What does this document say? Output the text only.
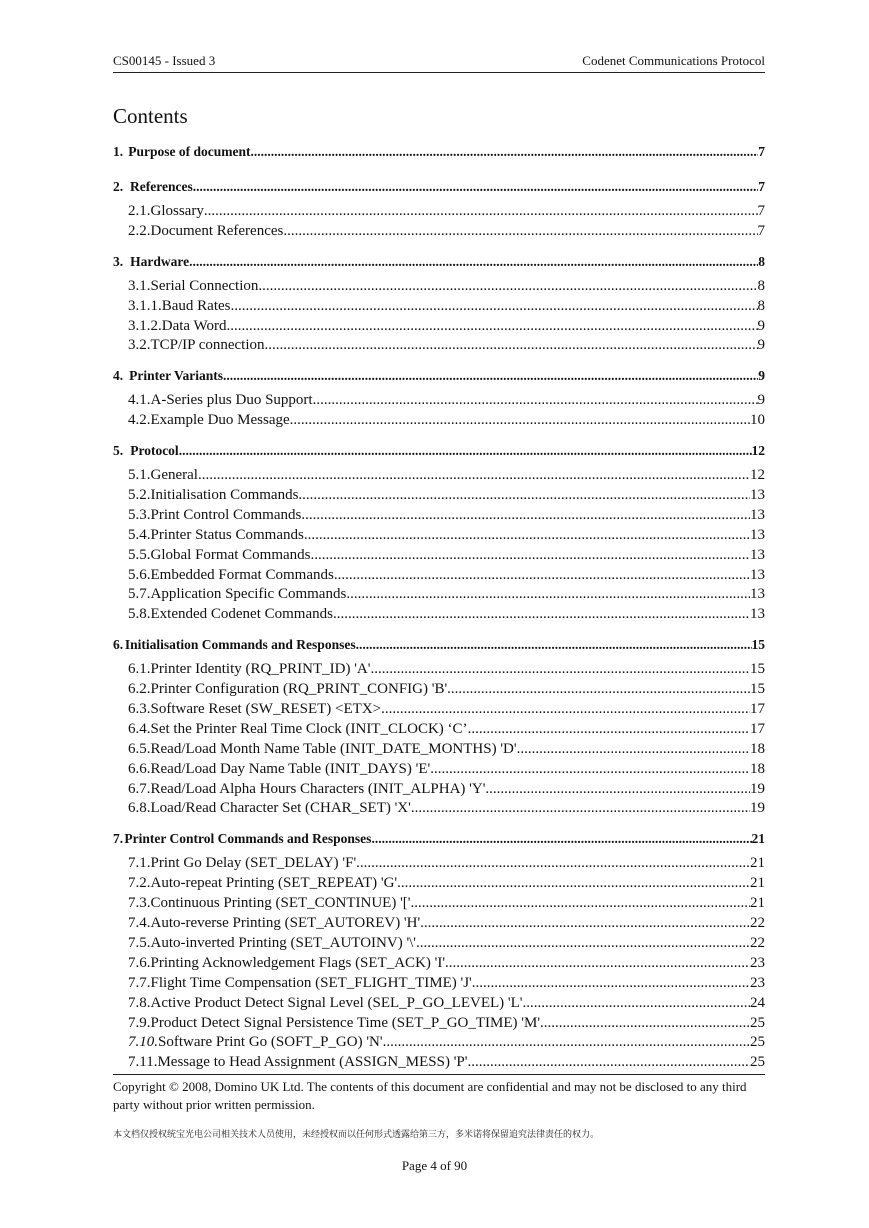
CS00145 - Issued 3	Codenet Communications Protocol
Contents
1. Purpose of document .....	7
2. References .....	7
2.1. Glossary .....	7
2.2. Document References .....	7
3. Hardware .....	8
3.1. Serial Connection .....	8
3.1.1. Baud Rates .....	8
3.1.2. Data Word .....	9
3.2. TCP/IP connection .....	9
4. Printer Variants .....	9
4.1. A-Series plus Duo Support .....	9
4.2. Example Duo Message .....	10
5. Protocol .....	12
5.1. General .....	12
5.2. Initialisation Commands .....	13
5.3. Print Control Commands .....	13
5.4. Printer Status Commands .....	13
5.5. Global Format Commands .....	13
5.6. Embedded Format Commands .....	13
5.7. Application Specific Commands .....	13
5.8. Extended Codenet Commands .....	13
6. Initialisation Commands and Responses .....	15
6.1. Printer Identity (RQ_PRINT_ID) 'A' .....	15
6.2. Printer Configuration (RQ_PRINT_CONFIG) 'B' .....	15
6.3. Software Reset (SW_RESET) <ETX> .....	17
6.4. Set the Printer Real Time Clock (INIT_CLOCK) ‘C’ .....	17
6.5. Read/Load Month Name Table (INIT_DATE_MONTHS) 'D' .....	18
6.6. Read/Load Day Name Table (INIT_DAYS) 'E' .....	18
6.7. Read/Load Alpha Hours Characters (INIT_ALPHA) 'Y' .....	19
6.8. Load/Read Character Set (CHAR_SET) 'X' .....	19
7. Printer Control Commands and Responses .....	21
7.1. Print Go Delay (SET_DELAY) 'F' .....	21
7.2. Auto-repeat Printing (SET_REPEAT) 'G' .....	21
7.3. Continuous Printing (SET_CONTINUE) '[' .....	21
7.4. Auto-reverse Printing (SET_AUTOREV) 'H' .....	22
7.5. Auto-inverted Printing (SET_AUTOINV) '\' .....	22
7.6. Printing Acknowledgement Flags (SET_ACK) 'I' .....	23
7.7. Flight Time Compensation (SET_FLIGHT_TIME) 'J' .....	23
7.8. Active Product Detect Signal Level (SEL_P_GO_LEVEL) 'L' .....	24
7.9. Product Detect Signal Persistence Time (SET_P_GO_TIME) 'M' .....	25
7.10. Software Print Go (SOFT_P_GO) 'N' .....	25
7.11. Message to Head Assignment (ASSIGN_MESS) 'P' .....	25
Copyright © 2008, Domino UK Ltd. The contents of this document are confidential and may not be disclosed to any third party without prior written permission.
本文档仅授权统宝光电公司相关技术人员使用，未经授权而以任何形式透露给第三方，多米诺将保留追究法律责任的权力。
Page 4 of 90
